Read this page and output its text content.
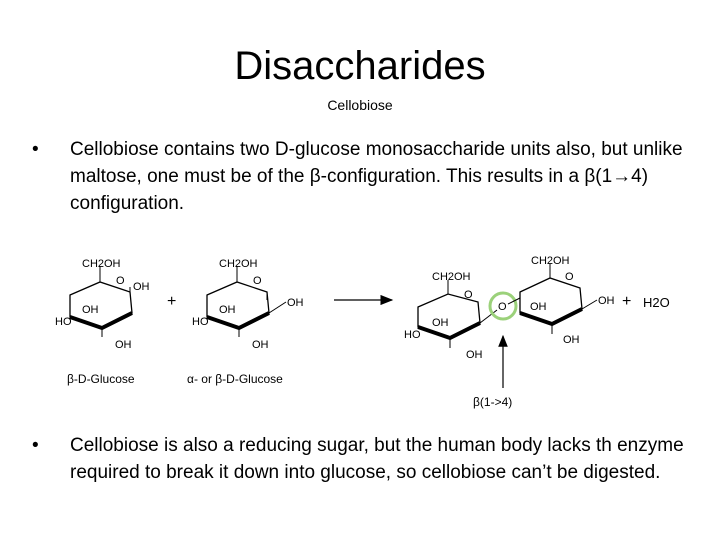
Disaccharides
Cellobiose
• Cellobiose contains two D-glucose monosaccharide units also, but unlike maltose, one must be of the β-configuration. This results in a β(1→4) configuration.
CH2OH
O OH
OH
HO
OH
+
CH2OH
O
OH
HO
OH
OH
CH2OH
O
OH
HO
OH
O
CH2OH
O
OH	OH
OH
+ H2O
β(1->4)
β-D-Glucose	α- or β-D-Glucose
• Cellobiose is also a reducing sugar, but the human body lacks th enzyme required to break it down into glucose, so cellobiose can’t be digested.
